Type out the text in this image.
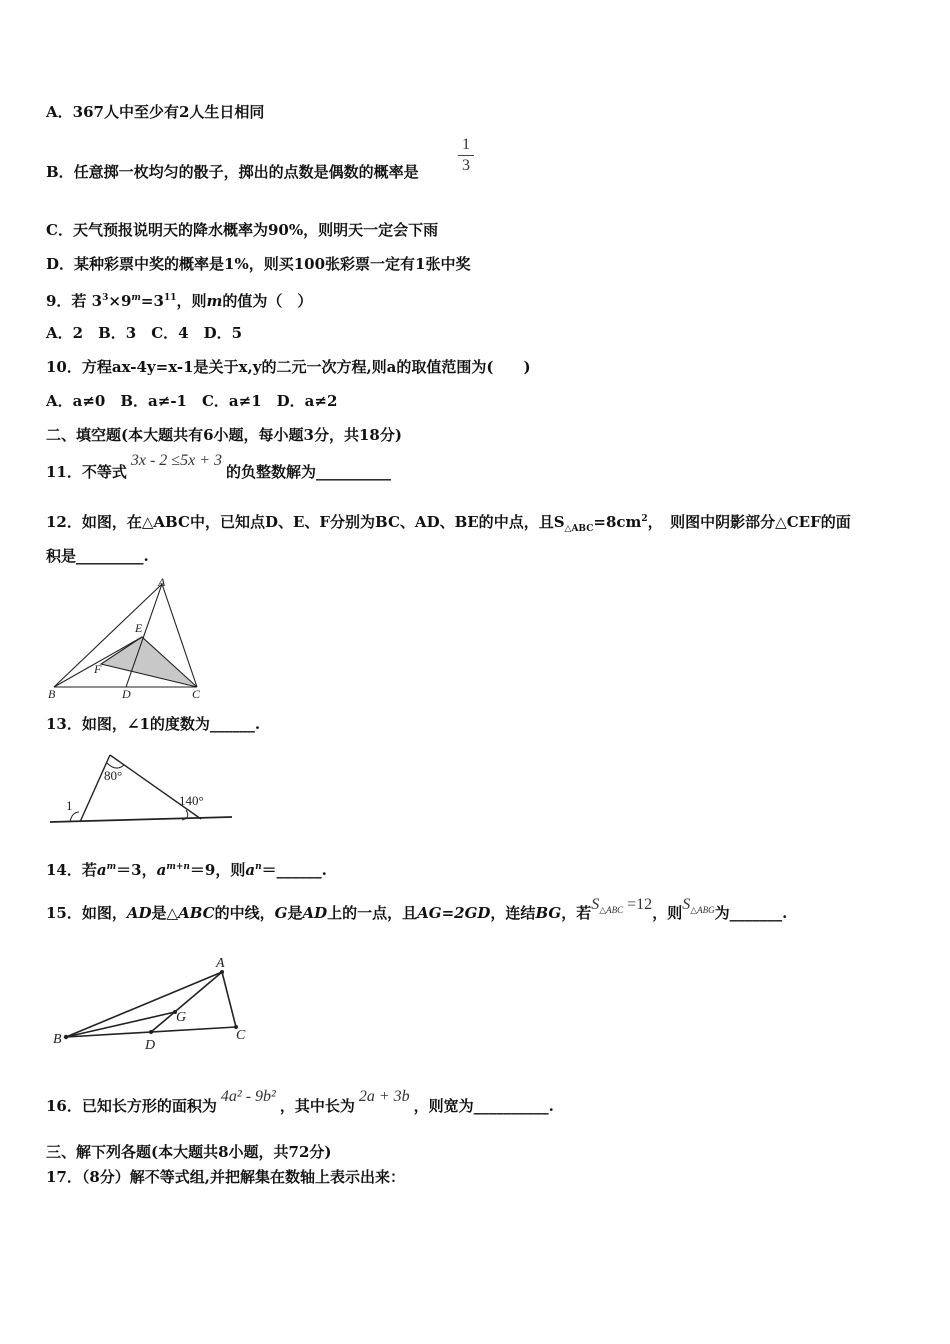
A．367人中至少有2人生日相同
B．任意掷一枚均匀的骰子，掷出的点数是偶数的概率是
1
3
C．天气预报说明天的降水概率为90%，则明天一定会下雨
D．某种彩票中奖的概率是1%，则买100张彩票一定有1张中奖
9．若 $3^3\times 9^m=3^{11}$，则m的值为（　）
A．2　B．3　C．4　D．5
10．方程ax-4y=x-1是关于x,y的二元一次方程,则a的取值范围为(　　)
A．a≠0　B．a≠-1　C．a≠1　D．a≠2
二、填空题(本大题共有6小题，每小题3分，共18分)
11．不等式3x - 2 ≤5x + 3的负整数解为__________
12．如图，在△ABC中，已知点D、E、F分别为BC、AD、BE的中点，且$S_{\triangle ABC}=8cm^2$，　则图中阴影部分△CEF的面
积是_________.
A
B	C
D
E
F
13．如图，∠1的度数为______.
80°
140°
1
14．若$a^m=3$，$a^{m+n}=9$，则$a^n=\_\_\_\_\_\_$.
15．如图，AD是△ABC的中线，G是AD上的一点，且AG=2GD，连结BG，若$S_{\triangle ABC} =12$，则$S_{\triangle ABG}$为_______.
A
B	C
D
G
16．已知长方形的面积为4a² - 9b²，其中长为2a + 3b，则宽为__________.
三、解下列各题(本大题共8小题，共72分)
17．（8分）解不等式组,并把解集在数轴上表示出来：
